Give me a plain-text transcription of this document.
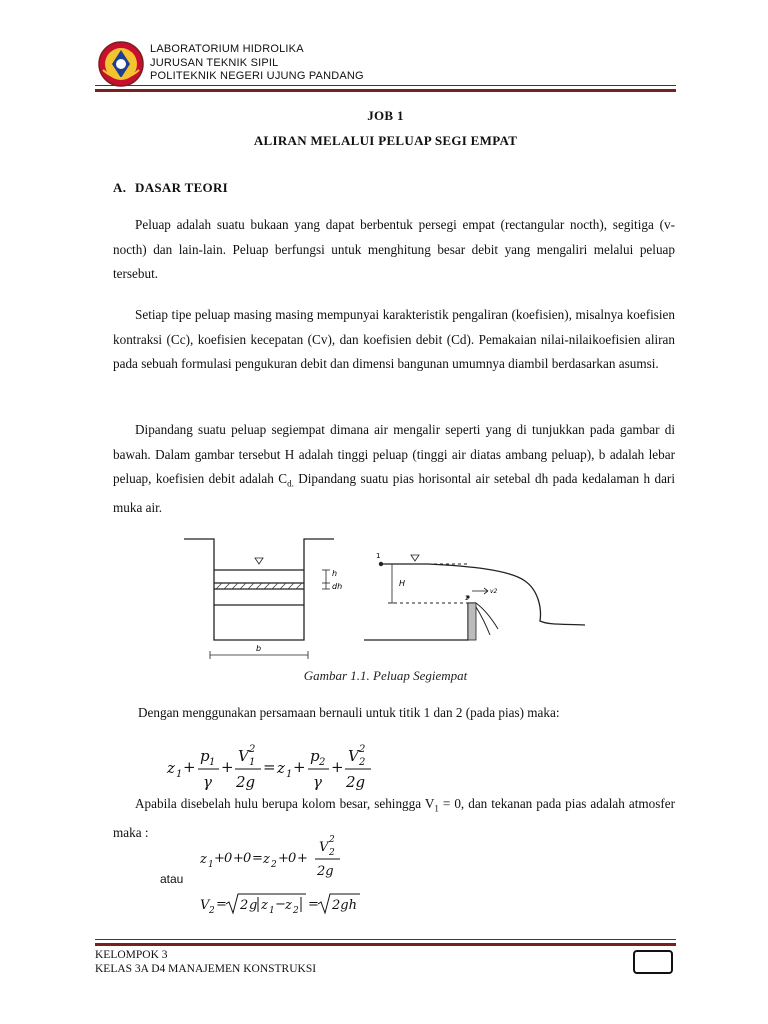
LABORATORIUM HIDROLIKA
JURUSAN TEKNIK SIPIL
POLITEKNIK NEGERI UJUNG PANDANG
JOB 1
ALIRAN MELALUI PELUAP SEGI EMPAT
A. DASAR TEORI
Peluap adalah suatu bukaan yang dapat berbentuk persegi empat (rectangular nocth), segitiga (v-nocth) dan lain-lain. Peluap berfungsi untuk menghitung besar debit yang mengaliri melalui peluap tersebut.
Setiap tipe peluap masing masing mempunyai karakteristik pengaliran (koefisien), misalnya koefisien kontraksi (Cc), koefisien kecepatan (Cv), dan koefisien debit (Cd). Pemakaian nilai-nilaikoefisien aliran pada sebuah formulasi pengukuran debit dan dimensi bangunan umumnya diambil berdasarkan asumsi.
Dipandang suatu peluap segiempat dimana air mengalir seperti yang di tunjukkan pada gambar di bawah. Dalam gambar tersebut H adalah tinggi peluap (tinggi air diatas ambang peluap), b adalah lebar peluap, koefisien debit adalah $C_{d.}$ Dipandang suatu pias horisontal air setebal dh pada kedalaman h dari muka air.
h
dh
b
1
H
v2
2
Gambar 1.1. Peluap Segiempat
Dengan menggunakan persamaan bernauli untuk titik 1 dan 2 (pada pias) maka:
z 1 +
p 1
γ
+
V 2
1
2g
= z 1 +
p 2
γ
+
V 2
2
2g
Apabila disebelah hulu berupa kolom besar, sehingga $V_1 = 0$, dan tekanan pada pias adalah atmosfer maka :
z 1 + 0 + 0 = z 2 + 0 +
V 2
2
2g
atau
V 2 = 2 g z 1 − z 2 = 2gh
KELOMPOK 3
KELAS 3A D4 MANAJEMEN KONSTRUKSI
